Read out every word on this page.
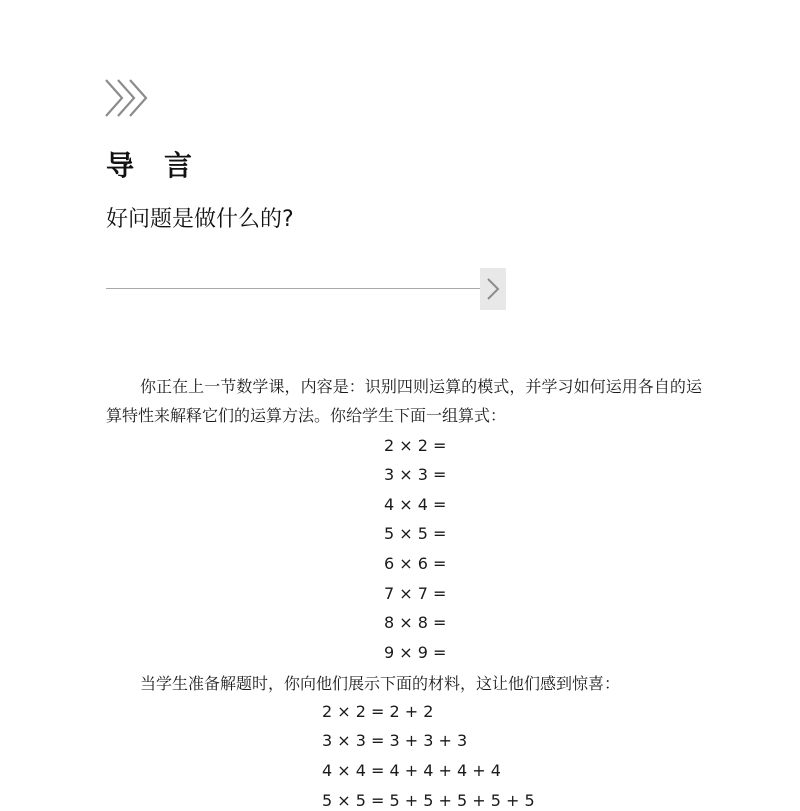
导言
好问题是做什么的?
你正在上一节数学课，内容是：识别四则运算的模式，并学习如何运用各自的运算特性来解释它们的运算方法。你给学生下面一组算式：
2 × 2 =
3 × 3 =
4 × 4 =
5 × 5 =
6 × 6 =
7 × 7 =
8 × 8 =
9 × 9 =
当学生准备解题时，你向他们展示下面的材料，这让他们感到惊喜：
2 × 2 = 2 + 2
3 × 3 = 3 + 3 + 3
4 × 4 = 4 + 4 + 4 + 4
5 × 5 = 5 + 5 + 5 + 5 + 5
